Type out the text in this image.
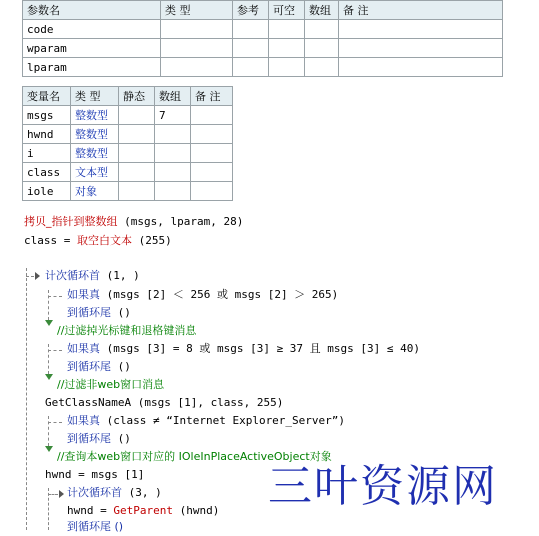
参数名	类 型	参考	可空	数组	备 注
code					
wparam					
lparam					
变量名	类 型	静态	数组	备 注
msgs	整数型		7	
hwnd	整数型			
i	整数型			
class	文本型			
iole	对象			
拷贝_指针到整数组 (msgs, lparam, 28)
class = 取空白文本 (255)
计次循环首 (1, )
如果真 (msgs [2] ＜ 256 或 msgs [2] ＞ 265)
到循环尾 ()
//过滤掉光标键和退格键消息
如果真 (msgs [3] = 8 或 msgs [3] ≥ 37 且 msgs [3] ≤ 40)
到循环尾 ()
//过滤非web窗口消息
GetClassNameA (msgs [1], class, 255)
如果真 (class ≠ “Internet Explorer_Server”)
到循环尾 ()
//查询本web窗口对应的 IOleInPlaceActiveObject对象
hwnd = msgs [1]
计次循环首 (3, )
hwnd = GetParent (hwnd)
到循环尾 ()
三叶资源网
